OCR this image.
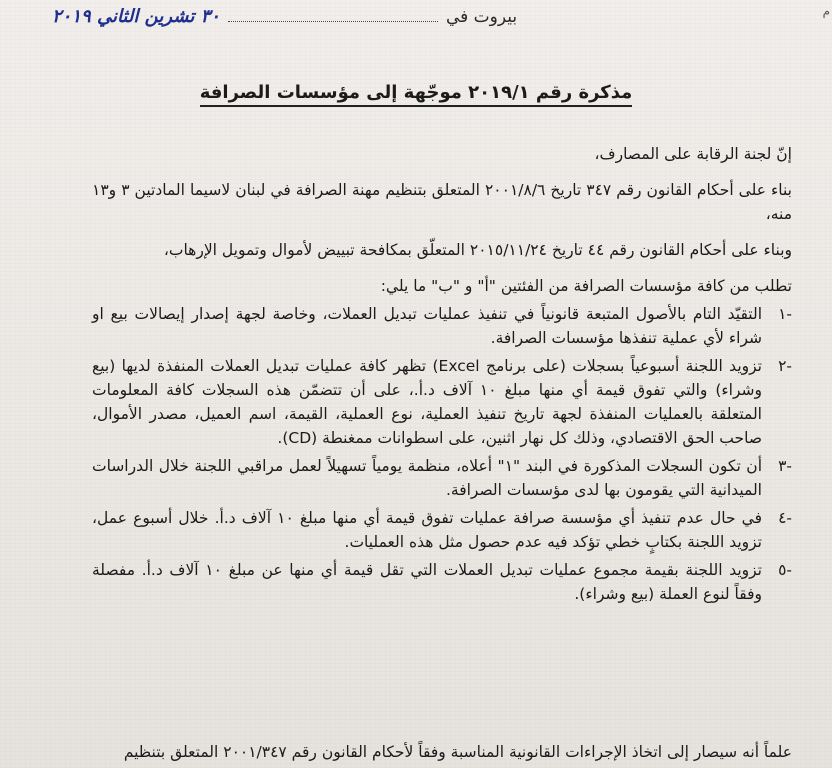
م
بيروت في
٣٠ تشرين الثاني ٢٠١٩
مذكرة رقم ٢٠١٩/١ موجّهة إلى مؤسسات الصرافة

إنّ لجنة الرقابة على المصارف،

بناء على أحكام القانون رقم ٣٤٧ تاريخ ٢٠٠١/٨/٦ المتعلق بتنظيم مهنة الصرافة في لبنان لاسيما المادتين ٣ و١٣ منه،

وبناء على أحكام القانون رقم ٤٤ تاريخ ٢٠١٥/١١/٢٤ المتعلّق بمكافحة تبييض لأموال وتمويل الإرهاب،

تطلب من كافة مؤسسات الصرافة من الفئتين "أ" و "ب" ما يلي:

-١
التقيّد التام بالأصول المتبعة قانونياً في تنفيذ عمليات تبديل العملات، وخاصة لجهة إصدار إيصالات بيع او شراء لأي عملية تنفذها مؤسسات الصرافة.
-٢
تزويد اللجنة أسبوعياً بسجلات (على برنامج Excel) تظهر كافة عمليات تبديل العملات المنفذة لديها (بيع وشراء) والتي تفوق قيمة أي منها مبلغ ١٠ آلاف د.أ.، على أن تتضمّن هذه السجلات كافة المعلومات المتعلقة بالعمليات المنفذة لجهة تاريخ تنفيذ العملية، نوع العملية، القيمة، اسم العميل، مصدر الأموال، صاحب الحق الاقتصادي، وذلك كل نهار اثنين، على اسطوانات ممغنطة (CD).
-٣
أن تكون السجلات المذكورة في البند "١" أعلاه، منظمة يومياً تسهيلاً لعمل مراقبي اللجنة خلال الدراسات الميدانية التي يقومون بها لدى مؤسسات الصرافة.
-٤
في حال عدم تنفيذ أي مؤسسة صرافة عمليات تفوق قيمة أي منها مبلغ ١٠ آلاف د.أ. خلال أسبوع عمل، تزويد اللجنة بكتابٍ خطي تؤكد فيه عدم حصول مثل هذه العمليات.
-٥
تزويد اللجنة بقيمة مجموع عمليات تبديل العملات التي تقل قيمة أي منها عن مبلغ ١٠ آلاف د.أ. مفصلة وفقاً لنوع العملة (بيع وشراء).
علماً أنه سيصار إلى اتخاذ الإجراءات القانونية المناسبة وفقاً لأحكام القانون رقم ٢٠٠١/٣٤٧ المتعلق بتنظيم
